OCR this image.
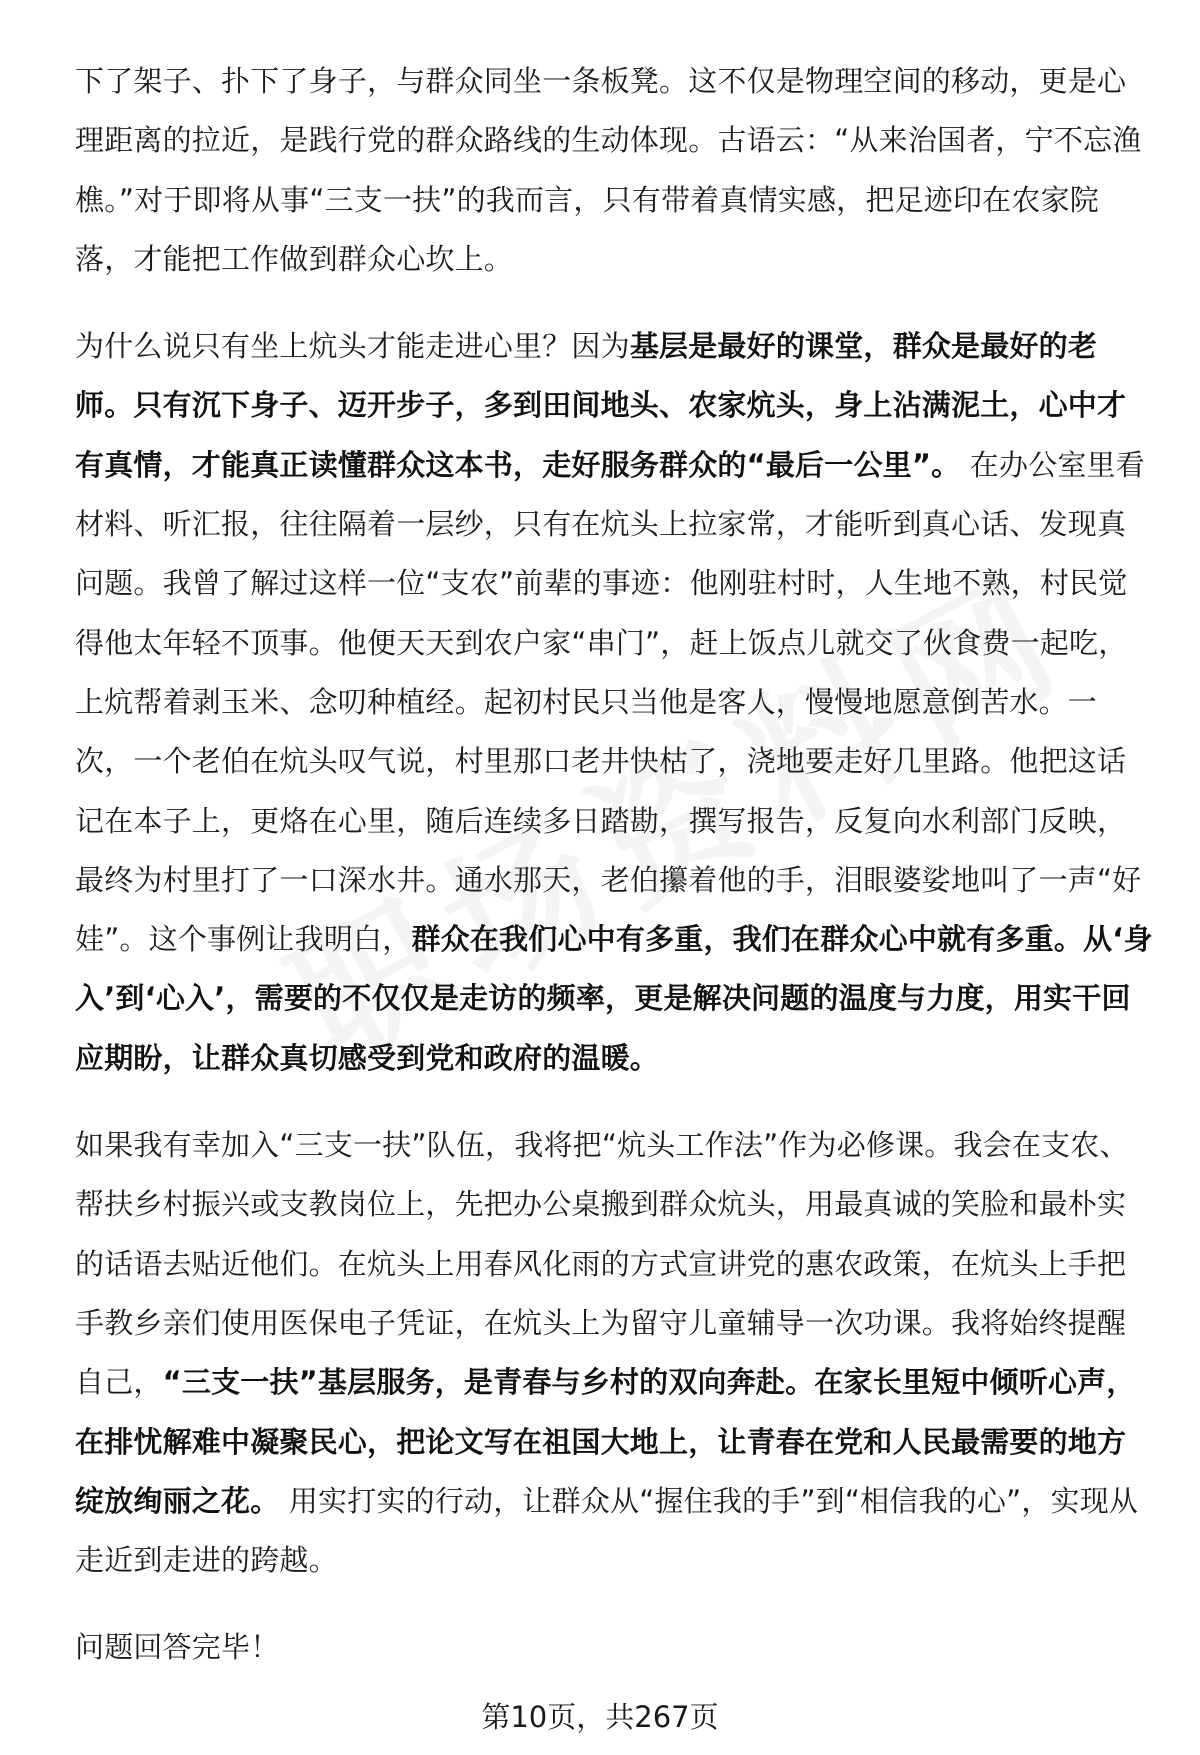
下了架子、扑下了身子，与群众同坐一条板凳。这不仅是物理空间的移动，更是心理距离的拉近，是践行党的群众路线的生动体现。古语云：“从来治国者，宁不忘渔樵。”对于即将从事“三支一扶”的我而言，只有带着真情实感，把足迹印在农家院落，才能把工作做到群众心坎上。

为什么说只有坐上炕头才能走进心里？因为基层是最好的课堂，群众是最好的老师。只有沉下身子、迈开步子，多到田间地头、农家炕头，身上沾满泥土，心中才有真情，才能真正读懂群众这本书，走好服务群众的“最后一公里”。 在办公室里看材料、听汇报，往往隔着一层纱，只有在炕头上拉家常，才能听到真心话、发现真问题。我曾了解过这样一位“支农”前辈的事迹：他刚驻村时，人生地不熟，村民觉得他太年轻不顶事。他便天天到农户家“串门”，赶上饭点儿就交了伙食费一起吃，上炕帮着剥玉米、念叨种植经。起初村民只当他是客人，慢慢地愿意倒苦水。一次，一个老伯在炕头叹气说，村里那口老井快枯了，浇地要走好几里路。他把这话记在本子上，更烙在心里，随后连续多日踏勘，撰写报告，反复向水利部门反映，最终为村里打了一口深水井。通水那天，老伯攥着他的手，泪眼婆娑地叫了一声“好娃”。这个事例让我明白，群众在我们心中有多重，我们在群众心中就有多重。从‘身入’到‘心入’，需要的不仅仅是走访的频率，更是解决问题的温度与力度，用实干回应期盼，让群众真切感受到党和政府的温暖。

如果我有幸加入“三支一扶”队伍，我将把“炕头工作法”作为必修课。我会在支农、帮扶乡村振兴或支教岗位上，先把办公桌搬到群众炕头，用最真诚的笑脸和最朴实的话语去贴近他们。在炕头上用春风化雨的方式宣讲党的惠农政策，在炕头上手把手教乡亲们使用医保电子凭证，在炕头上为留守儿童辅导一次功课。我将始终提醒自己，“三支一扶”基层服务，是青春与乡村的双向奔赴。在家长里短中倾听心声，在排忧解难中凝聚民心，把论文写在祖国大地上，让青春在党和人民最需要的地方绽放绚丽之花。 用实打实的行动，让群众从“握住我的手”到“相信我的心”，实现从走近到走进的跨越。

问题回答完毕！

第10页，共267页
